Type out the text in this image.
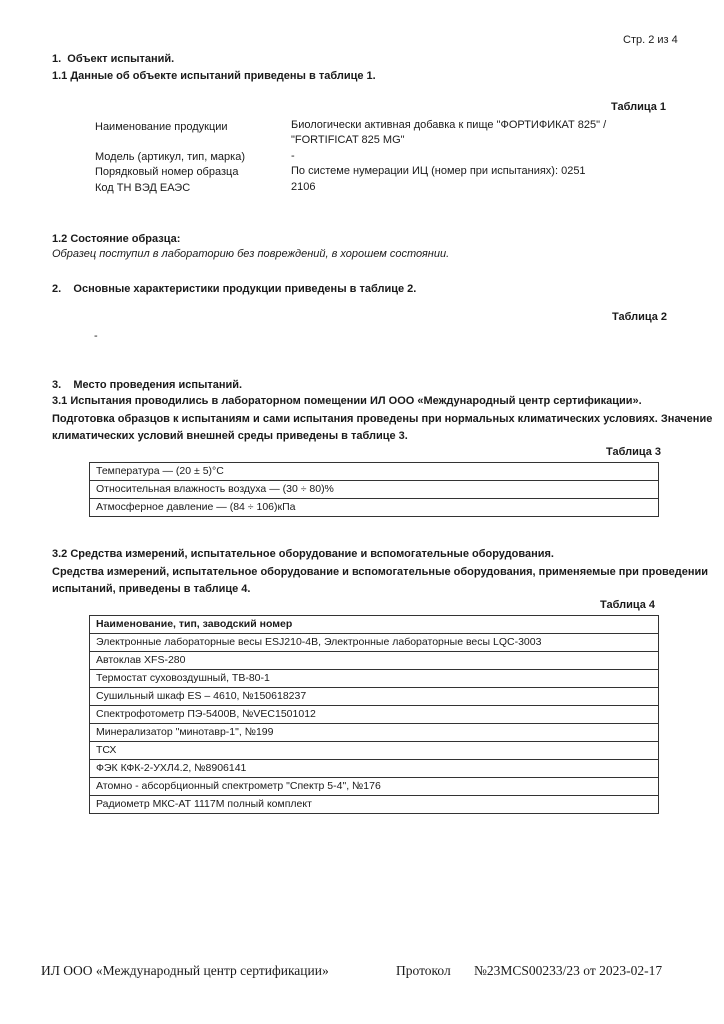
Стр. 2 из 4
1.  Объект испытаний.
1.1 Данные об объекте испытаний приведены в таблице 1.
Таблица 1
Наименование продукции	Биологически активная добавка к пище "ФОРТИФИКАТ 825" /
"FORTIFICAT 825 MG"
Модель (артикул, тип, марка)	-
Порядковый номер образца	По системе нумерации ИЦ (номер при испытаниях): 0251
Код ТН ВЭД ЕАЭС	2106
1.2 Состояние образца:
Образец поступил в лабораторию без повреждений, в хорошем состоянии.
2.    Основные характеристики продукции приведены в таблице 2.
Таблица 2
-
3.    Место проведения испытаний.
3.1 Испытания проводились в лабораторном помещении ИЛ ООО «Международный центр сертификации».
Подготовка образцов к испытаниям и сами испытания проведены при нормальных климатических условиях. Значение
климатических условий внешней среды приведены в таблице 3.
Таблица 3
Температура — (20 ± 5)°С
Относительная влажность воздуха — (30 ÷ 80)%
Атмосферное давление — (84 ÷ 106)кПа
3.2 Средства измерений, испытательное оборудование и вспомогательные оборудования.
Средства измерений, испытательное оборудование и вспомогательные оборудования, применяемые при проведении
испытаний, приведены в таблице 4.
Таблица 4
Наименование, тип, заводский номер
Электронные лабораторные весы ESJ210-4B, Электронные лабораторные весы LQC-3003
Автоклав XFS-280
Термостат суховоздушный, ТВ-80-1
Сушильный шкаф ES – 4610, №150618237
Спектрофотометр ПЭ-5400В, №VEC1501012
Минерализатор "минотавр-1", №199
ТСХ
ФЭК КФК-2-УХЛ4.2, №8906141
Атомно - абсорбционный спектрометр "Спектр 5-4", №176
Радиометр МКС-АТ 1117М полный комплект
ИЛ ООО «Международный центр сертификации»	Протокол №23MCS00233/23 от 2023-02-17
